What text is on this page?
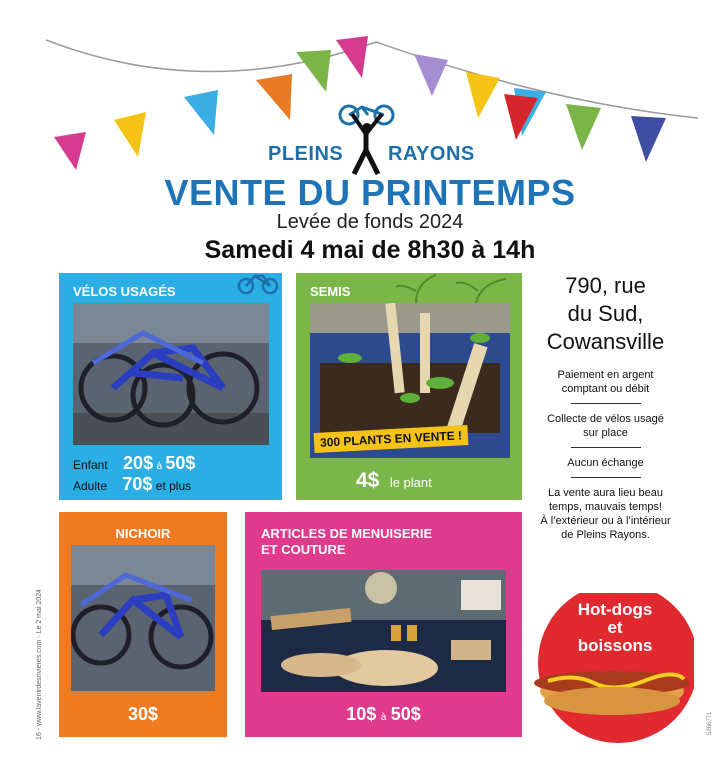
16 - www.lavenirdesrivieres.com - Le 2 mai 2024	5266771
PLEINS RAYONS
VENTE DU PRINTEMPS
Levée de fonds 2024
Samedi 4 mai de 8h30 à 14h
VÉLOS USAGÉS
Enfant 20$ à 50$
Adulte 70$ et plus
SEMIS
300 PLANTS EN VENTE !
4$ le plant
NICHOIR
30$
ARTICLES DE MENUISERIE
ET COUTURE
10$ à 50$
790, rue
du Sud,
Cowansville
Paiement en argent
comptant ou débit
Collecte de vélos usagé
sur place
Aucun échange
La vente aura lieu beau
temps, mauvais temps!
À l’extérieur ou à l’intérieur
de Pleins Rayons.
Hot-dogs
et
boissons
